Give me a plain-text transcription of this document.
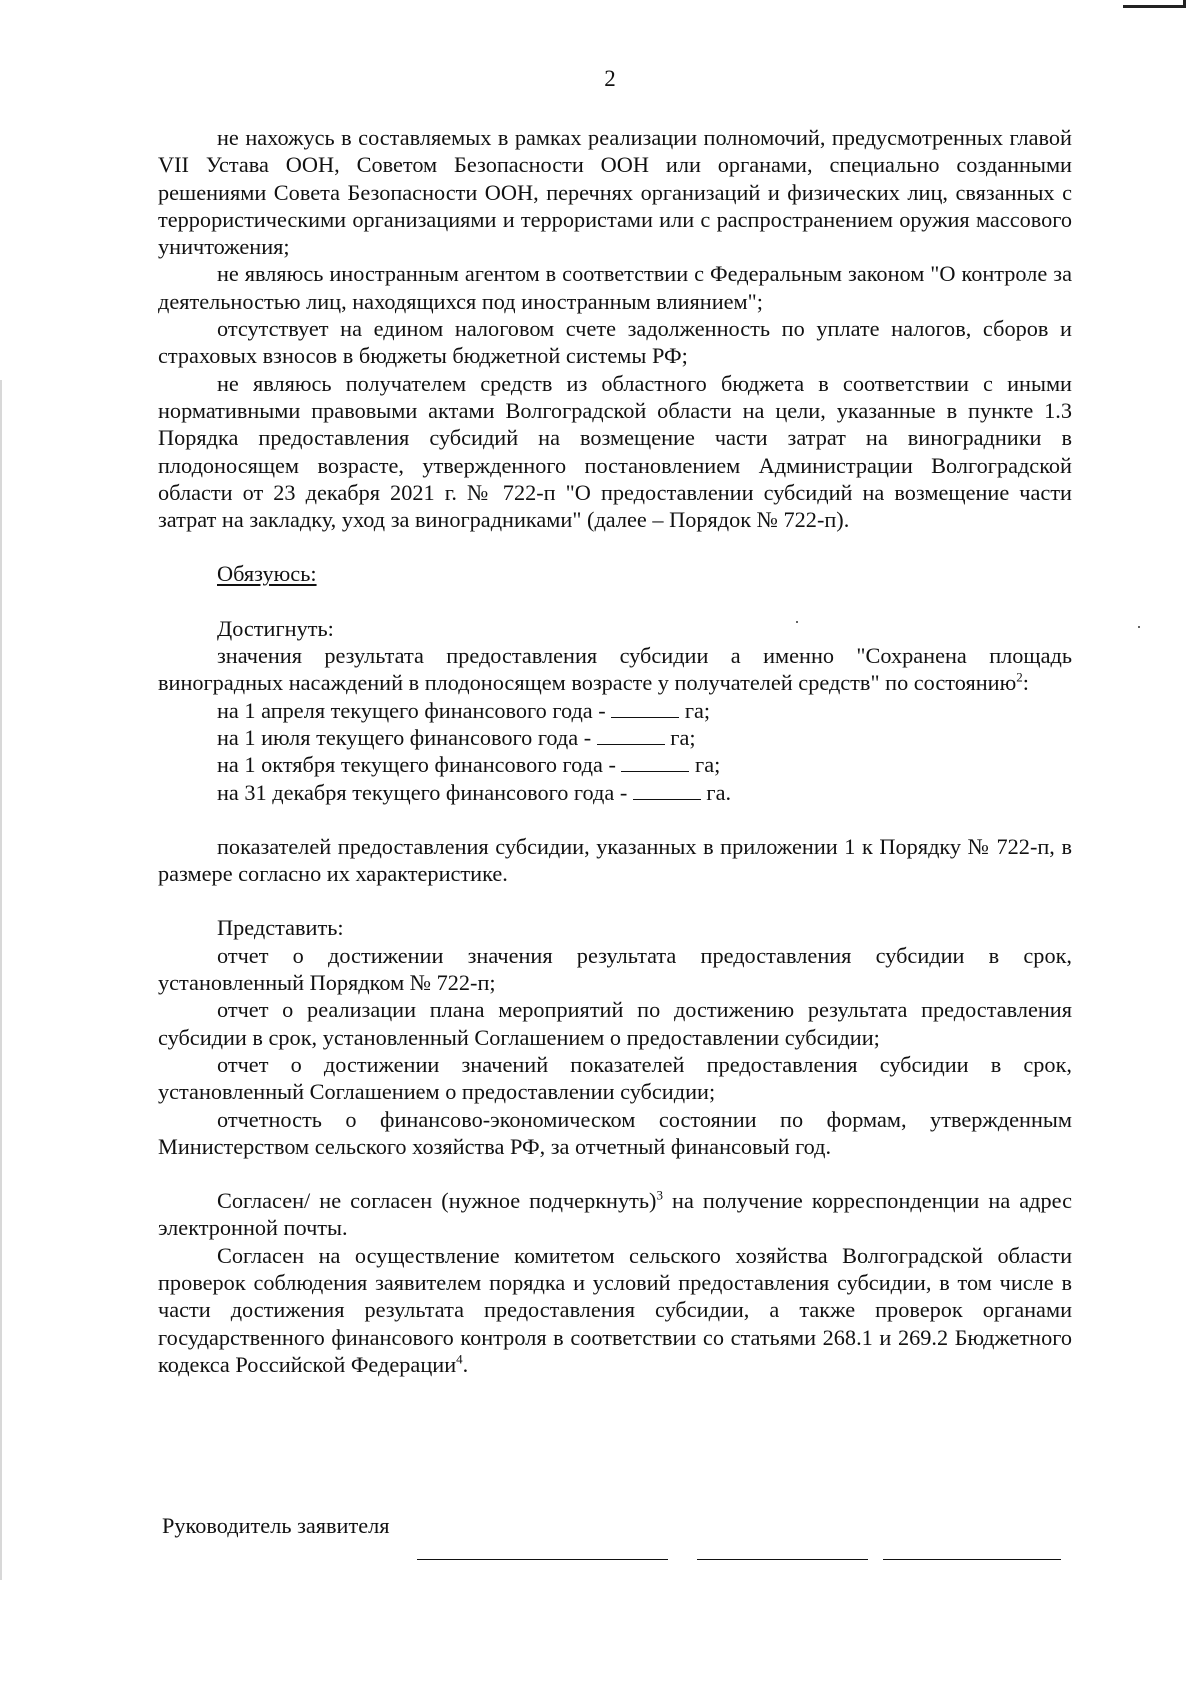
2

не нахожусь в составляемых в рамках реализации полномочий, предусмотренных главой VII Устава ООН, Советом Безопасности ООН или органами, специально созданными решениями Совета Безопасности ООН, перечнях организаций и физических лиц, связанных с террористическими организациями и террористами или с распространением оружия массового уничтожения;

не являюсь иностранным агентом в соответствии с Федеральным законом "О контроле за деятельностью лиц, находящихся под иностранным влиянием";

отсутствует на едином налоговом счете задолженность по уплате налогов, сборов и страховых взносов в бюджеты бюджетной системы РФ;

не являюсь получателем средств из областного бюджета в соответствии с иными нормативными правовыми актами Волгоградской области на цели, указанные в пункте 1.3 Порядка предоставления субсидий на возмещение части затрат на виноградники в плодоносящем возрасте, утвержденного постановлением Администрации Волгоградской области от 23 декабря 2021 г. № 722-п "О предоставлении субсидий на возмещение части затрат на закладку, уход за виноградниками" (далее – Порядок № 722-п).

Обязуюсь:

Достигнуть:

значения результата предоставления субсидии а именно "Сохранена площадь виноградных насаждений в плодоносящем возрасте у получателей средств" по состоянию$^2$:

на 1 апреля текущего финансового года -	га;

на 1 июля текущего финансового года -	га;

на 1 октября текущего финансового года -	га;

на 31 декабря текущего финансового года -	га.

показателей предоставления субсидии, указанных в приложении 1 к Порядку № 722-п, в размере согласно их характеристике.

Представить:

отчет о достижении значения результата предоставления субсидии в срок, установленный Порядком № 722-п;

отчет о реализации плана мероприятий по достижению результата предоставления субсидии в срок, установленный Соглашением о предоставлении субсидии;

отчет о достижении значений показателей предоставления субсидии в срок, установленный Соглашением о предоставлении субсидии;

отчетность о финансово-экономическом состоянии по формам, утвержденным Министерством сельского хозяйства РФ, за отчетный финансовый год.

Согласен/ не согласен (нужное подчеркнуть)$^3$ на получение корреспонденции на адрес электронной почты.

Согласен на осуществление комитетом сельского хозяйства Волгоградской области проверок соблюдения заявителем порядка и условий предоставления субсидии, в том числе в части достижения результата предоставления субсидии, а также проверок органами государственного финансового контроля в соответствии со статьями 268.1 и 269.2 Бюджетного кодекса Российской Федерации$^4$.

Руководитель заявителя
